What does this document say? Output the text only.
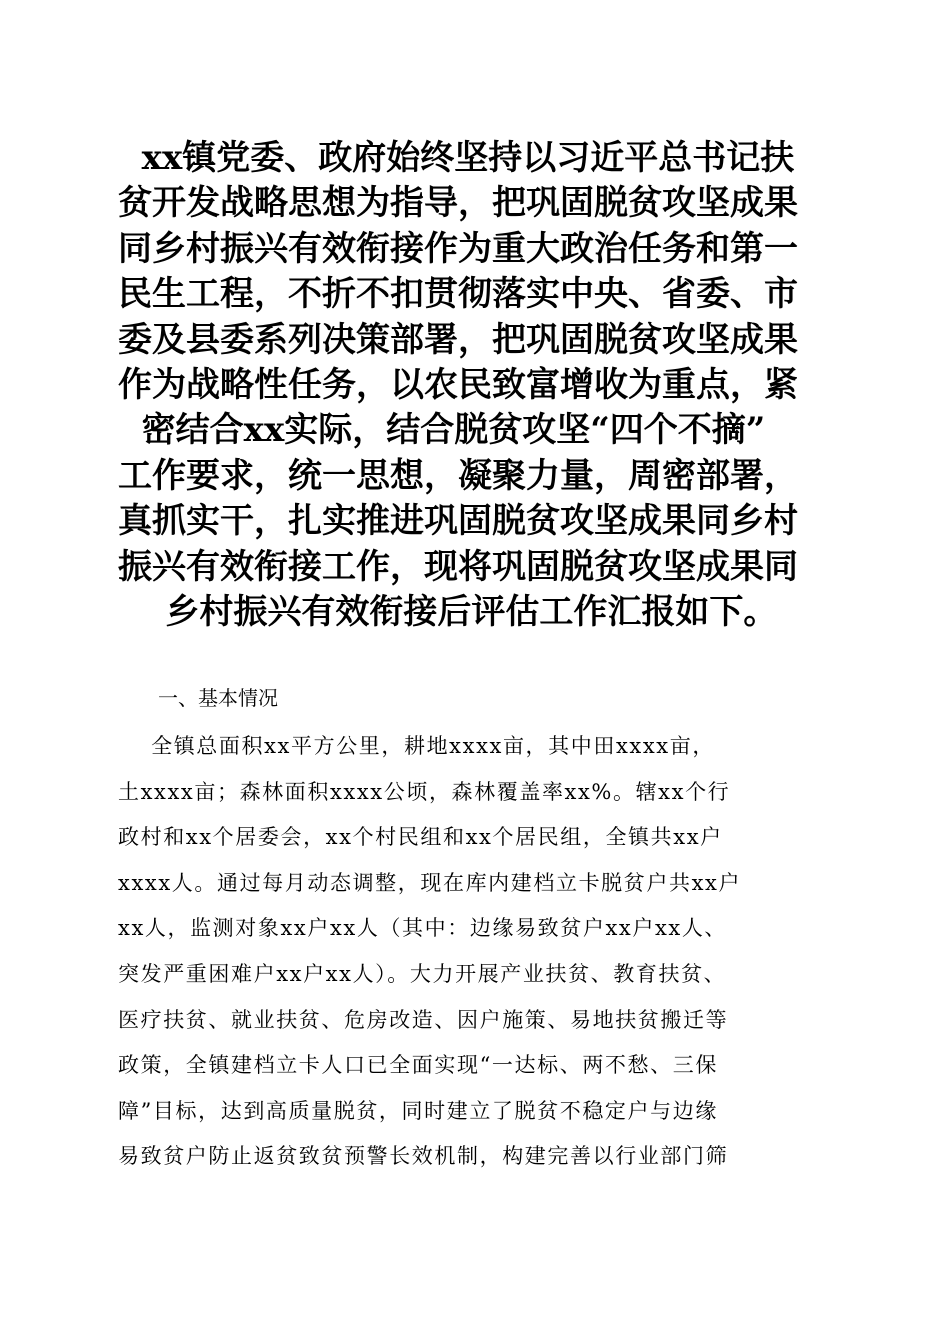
xx镇党委、政府始终坚持以习近平总书记扶
贫开发战略思想为指导，把巩固脱贫攻坚成果
同乡村振兴有效衔接作为重大政治任务和第一
民生工程，不折不扣贯彻落实中央、省委、市
委及县委系列决策部署，把巩固脱贫攻坚成果
作为战略性任务，以农民致富增收为重点，紧
密结合xx实际，结合脱贫攻坚“四个不摘”
工作要求，统一思想，凝聚力量，周密部署，
真抓实干，扎实推进巩固脱贫攻坚成果同乡村
振兴有效衔接工作，现将巩固脱贫攻坚成果同
乡村振兴有效衔接后评估工作汇报如下。
一、基本情况
全镇总面积xx平方公里，耕地xxxx亩，其中田xxxx亩，
土xxxx亩；森林面积xxxx公顷，森林覆盖率xx%。辖xx个行
政村和xx个居委会，xx个村民组和xx个居民组，全镇共xx户
xxxx人。通过每月动态调整，现在库内建档立卡脱贫户共xx户
xx人，监测对象xx户xx人（其中：边缘易致贫户xx户xx人、
突发严重困难户xx户xx人）。大力开展产业扶贫、教育扶贫、
医疗扶贫、就业扶贫、危房改造、因户施策、易地扶贫搬迁等
政策，全镇建档立卡人口已全面实现“一达标、两不愁、三保
障”目标，达到高质量脱贫，同时建立了脱贫不稳定户与边缘
易致贫户防止返贫致贫预警长效机制，构建完善以行业部门筛
